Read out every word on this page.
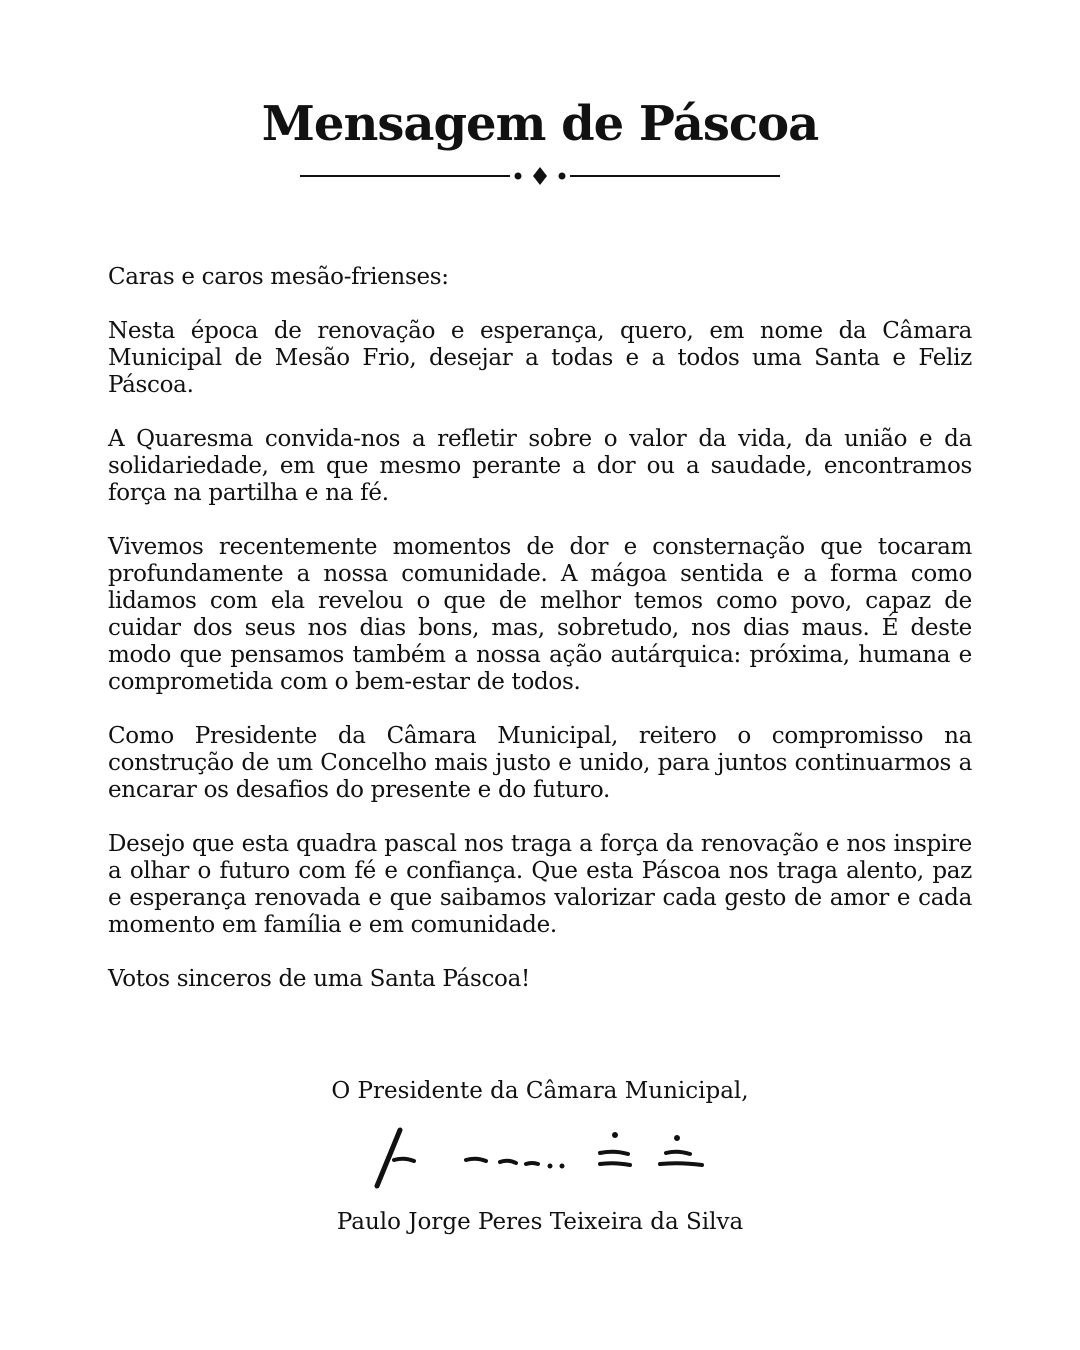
Mensagem de Páscoa

Caras e caros mesão-frienses:

Nesta época de renovação e esperança, quero, em nome da Câmara Municipal de Mesão Frio, desejar a todas e a todos uma Santa e Feliz Páscoa.

A Quaresma convida-nos a refletir sobre o valor da vida, da união e da solidariedade, em que mesmo perante a dor ou a saudade, encontramos força na partilha e na fé.

Vivemos recentemente momentos de dor e consternação que tocaram profundamente a nossa comunidade. A mágoa sentida e a forma como lidamos com ela revelou o que de melhor temos como povo, capaz de cuidar dos seus nos dias bons, mas, sobretudo, nos dias maus. É deste modo que pensamos também a nossa ação autárquica: próxima, humana e comprometida com o bem-estar de todos.

Como Presidente da Câmara Municipal, reitero o compromisso na construção de um Concelho mais justo e unido, para juntos continuarmos a encarar os desafios do presente e do futuro.

Desejo que esta quadra pascal nos traga a força da renovação e nos inspire a olhar o futuro com fé e confiança. Que esta Páscoa nos traga alento, paz e esperança renovada e que saibamos valorizar cada gesto de amor e cada momento em família e em comunidade.

Votos sinceros de uma Santa Páscoa!

O Presidente da Câmara Municipal,
Paulo Jorge Peres Teixeira da Silva
